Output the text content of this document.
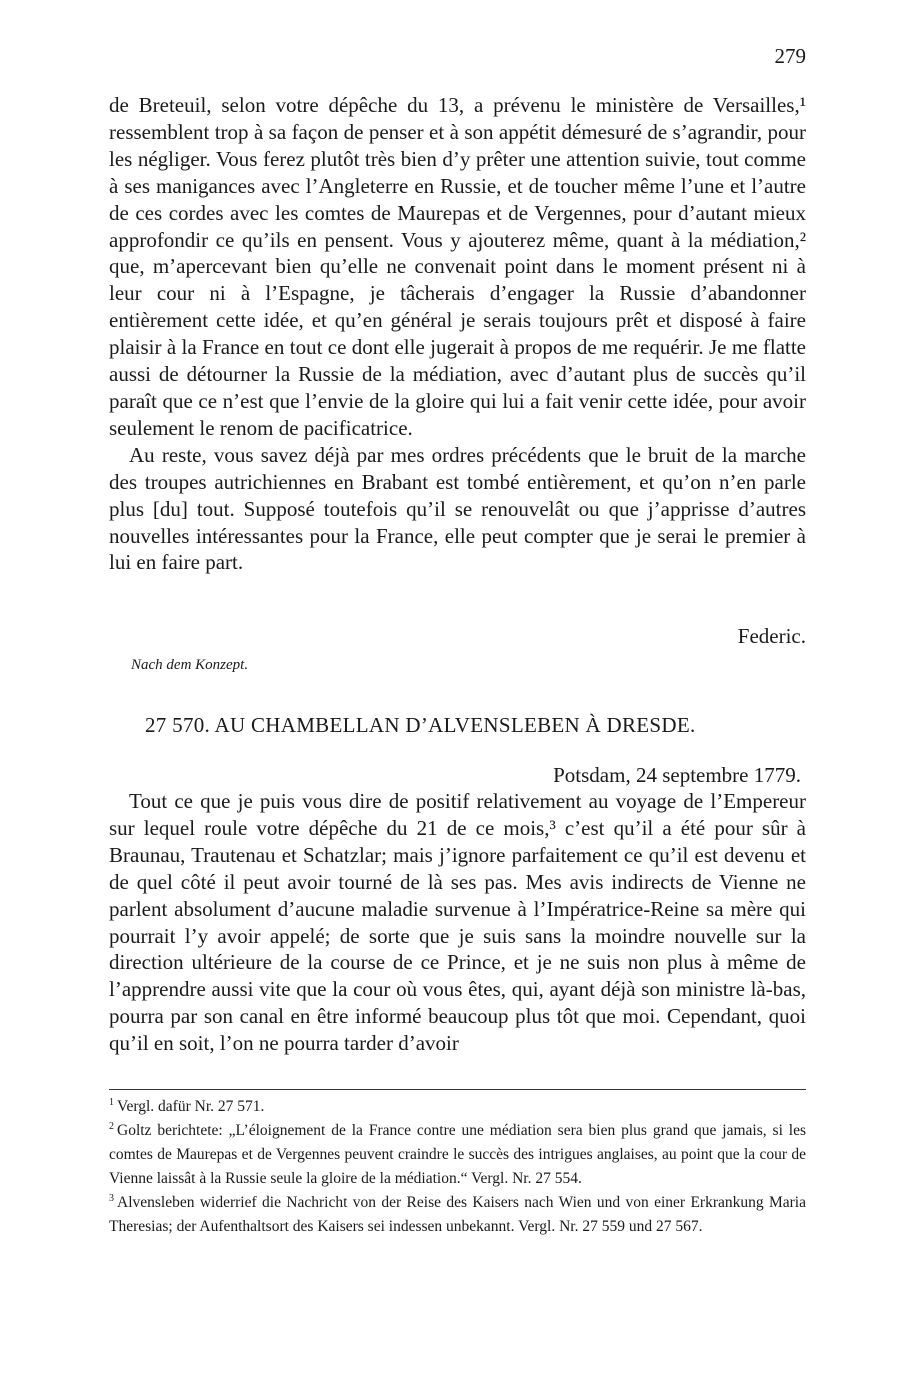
279

de Breteuil, selon votre dépêche du 13, a prévenu le ministère de Versailles,¹ ressemblent trop à sa façon de penser et à son appétit démesuré de s’agrandir, pour les négliger. Vous ferez plutôt très bien d’y prêter une attention suivie, tout comme à ses manigances avec l’Angleterre en Russie, et de toucher même l’une et l’autre de ces cordes avec les comtes de Maurepas et de Vergennes, pour d’autant mieux approfondir ce qu’ils en pensent. Vous y ajouterez même, quant à la médiation,² que, m’apercevant bien qu’elle ne convenait point dans le moment présent ni à leur cour ni à l’Espagne, je tâcherais d’engager la Russie d’abandonner entièrement cette idée, et qu’en général je serais toujours prêt et disposé à faire plaisir à la France en tout ce dont elle jugerait à propos de me requérir. Je me flatte aussi de détourner la Russie de la médiation, avec d’autant plus de succès qu’il paraît que ce n’est que l’envie de la gloire qui lui a fait venir cette idée, pour avoir seulement le renom de pacificatrice.

Au reste, vous savez déjà par mes ordres précédents que le bruit de la marche des troupes autrichiennes en Brabant est tombé entièrement, et qu’on n’en parle plus [du] tout. Supposé toutefois qu’il se renouvelât ou que j’apprisse d’autres nouvelles intéressantes pour la France, elle peut compter que je serai le premier à lui en faire part.

Federic.
Nach dem Konzept.
27 570. AU CHAMBELLAN D’ALVENSLEBEN À DRESDE.
Potsdam, 24 septembre 1779.

Tout ce que je puis vous dire de positif relativement au voyage de l’Empereur sur lequel roule votre dépêche du 21 de ce mois,³ c’est qu’il a été pour sûr à Braunau, Trautenau et Schatzlar; mais j’ignore parfaitement ce qu’il est devenu et de quel côté il peut avoir tourné de là ses pas. Mes avis indirects de Vienne ne parlent absolument d’aucune maladie survenue à l’Impératrice-Reine sa mère qui pourrait l’y avoir appelé; de sorte que je suis sans la moindre nouvelle sur la direction ultérieure de la course de ce Prince, et je ne suis non plus à même de l’apprendre aussi vite que la cour où vous êtes, qui, ayant déjà son ministre là-bas, pourra par son canal en être informé beaucoup plus tôt que moi. Cependant, quoi qu’il en soit, l’on ne pourra tarder d’avoir

$^1$ Vergl. dafür Nr. 27 571.

$^2$ Goltz berichtete: „L’éloignement de la France contre une médiation sera bien plus grand que jamais, si les comtes de Maurepas et de Vergennes peuvent craindre le succès des intrigues anglaises, au point que la cour de Vienne laissât à la Russie seule la gloire de la médiation.“ Vergl. Nr. 27 554.

$^3$ Alvensleben widerrief die Nachricht von der Reise des Kaisers nach Wien und von einer Erkrankung Maria Theresias; der Aufenthaltsort des Kaisers sei indessen unbekannt. Vergl. Nr. 27 559 und 27 567.
